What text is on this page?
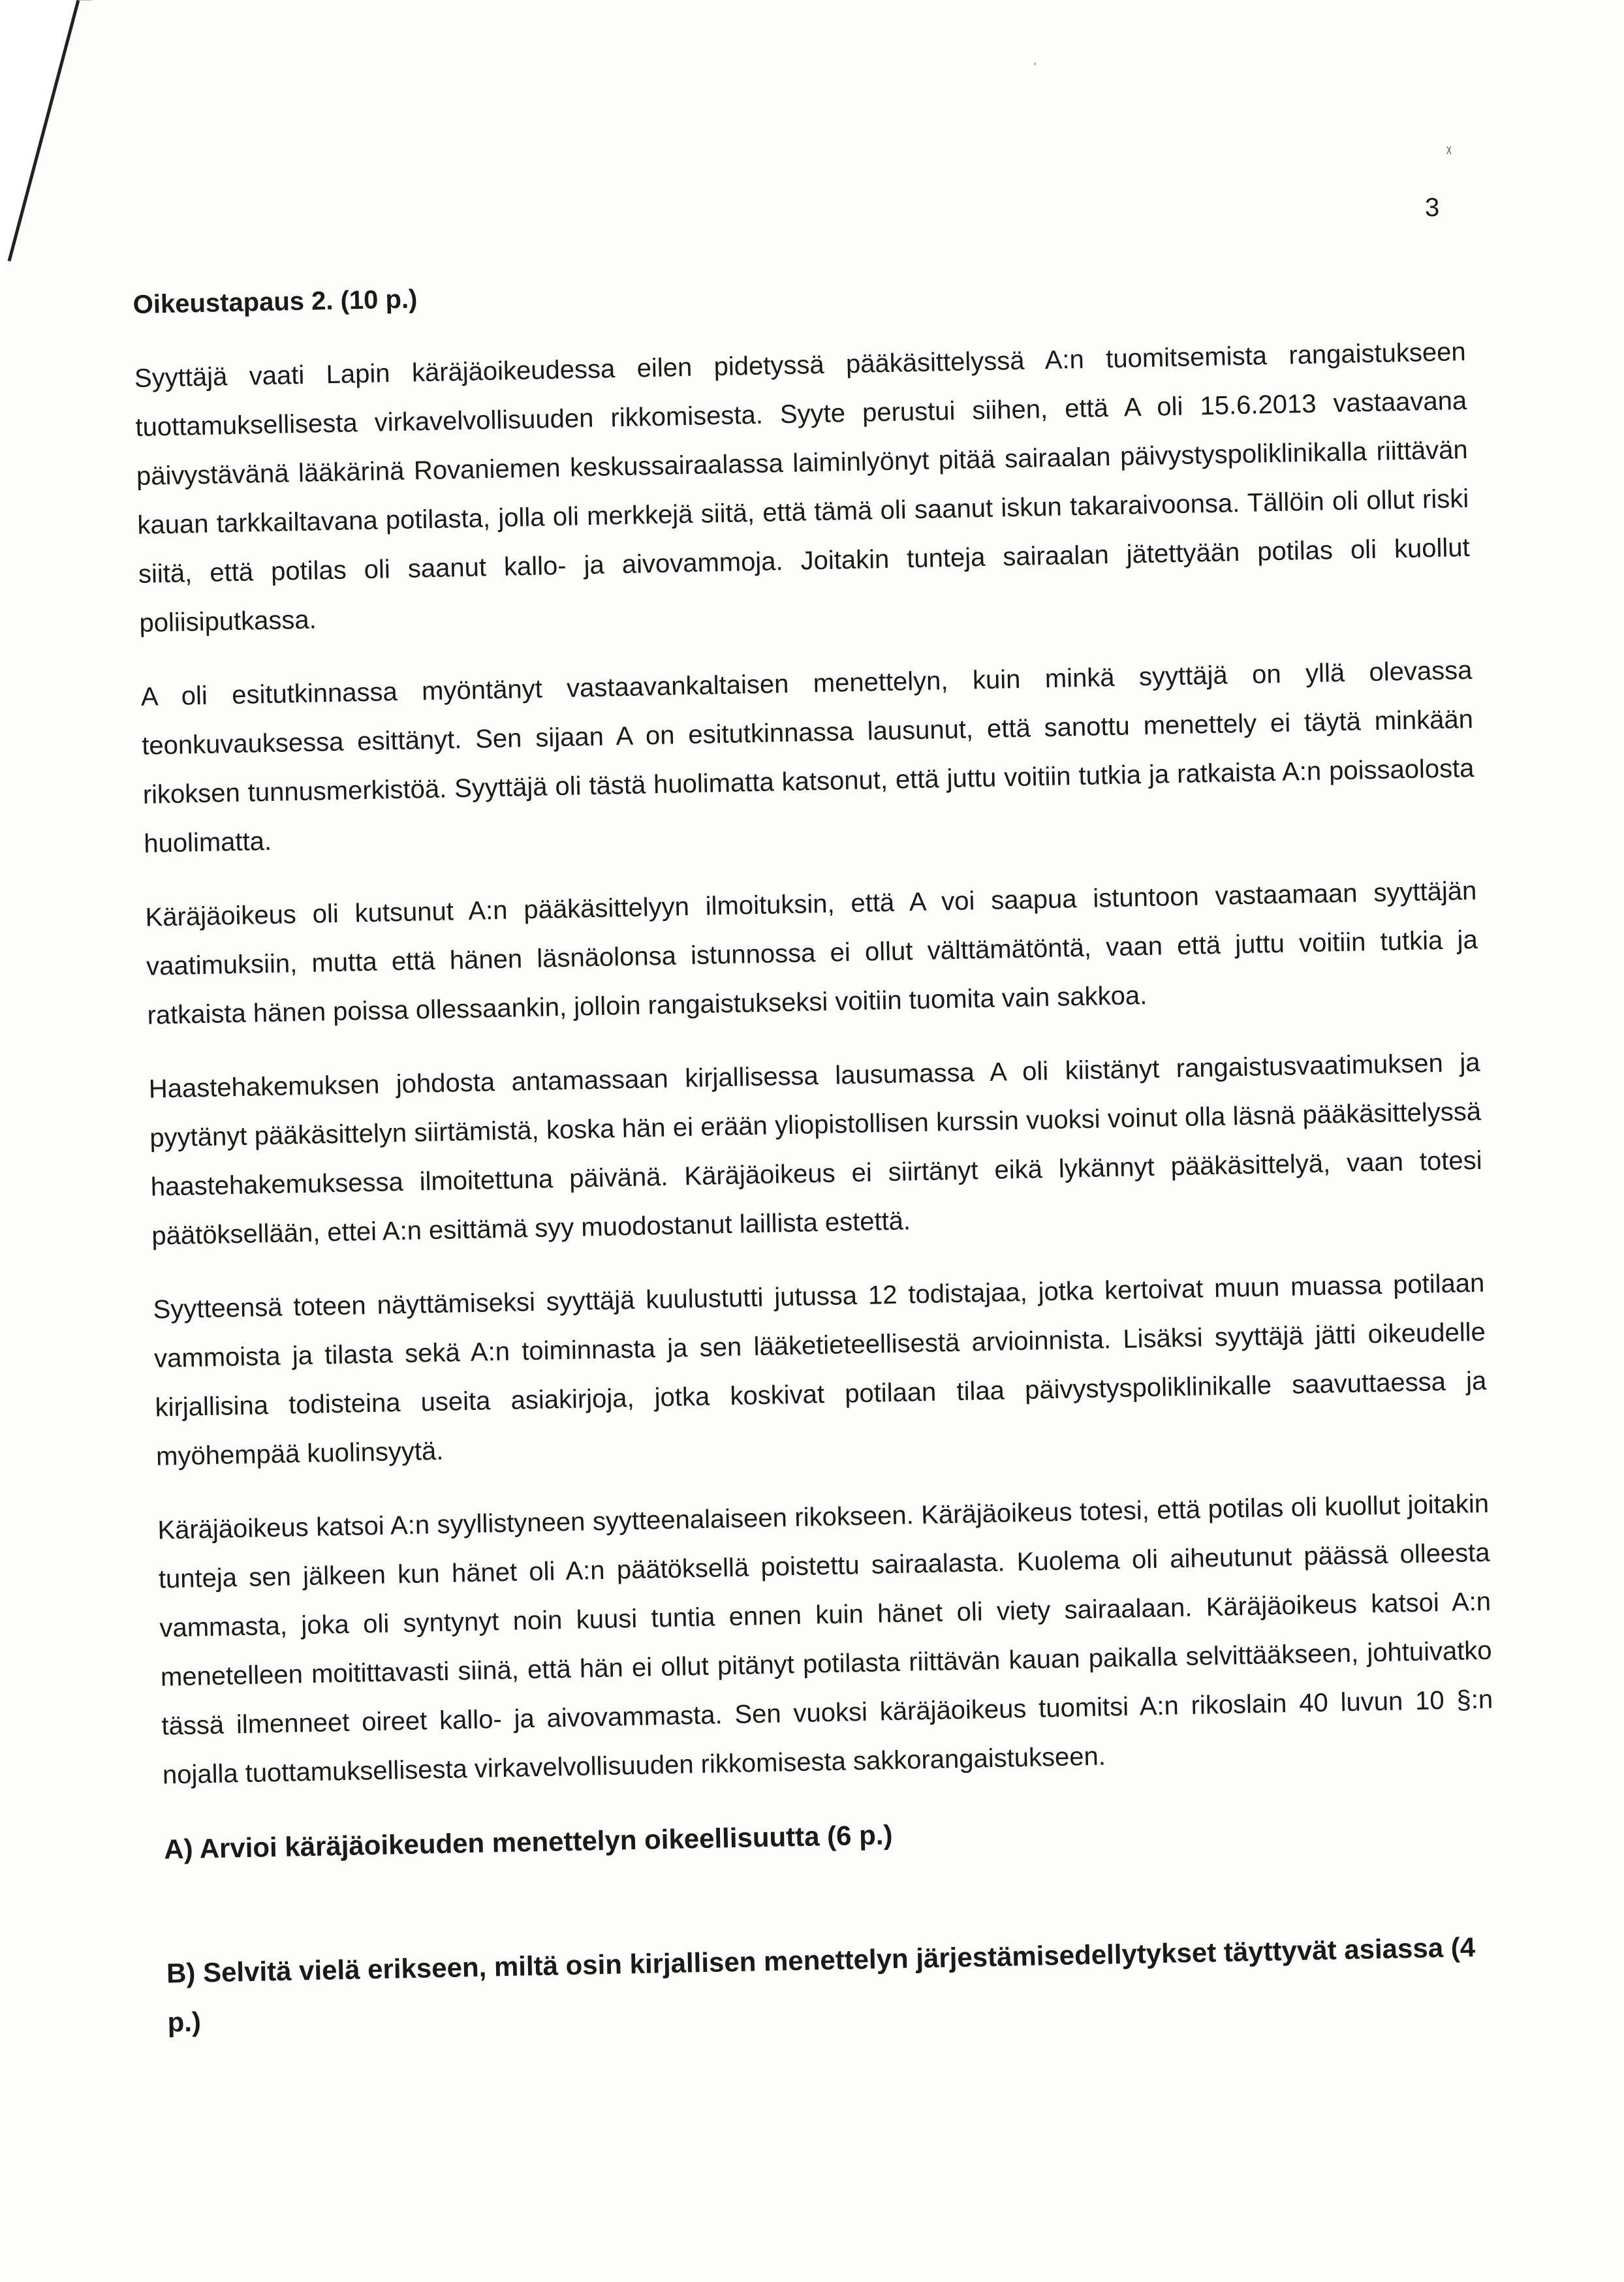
ˈ
ᵡ
3

Oikeustapaus 2. (10 p.)

Syyttäjä vaati Lapin käräjäoikeudessa eilen pidetyssä pääkäsittelyssä A:n tuomitsemista rangaistukseen tuottamuksellisesta virkavelvollisuuden rikkomisesta. Syyte perustui siihen, että A oli 15.6.2013 vastaavana päivystävänä lääkärinä Rovaniemen keskussairaalassa laiminlyönyt pitää sairaalan päivystyspoliklinikalla riittävän kauan tarkkailtavana potilasta, jolla oli merkkejä siitä, että tämä oli saanut iskun takaraivoonsa. Tällöin oli ollut riski siitä, että potilas oli saanut kallo- ja aivovammoja. Joitakin tunteja sairaalan jätettyään potilas oli kuollut poliisiputkassa.

A oli esitutkinnassa myöntänyt vastaavankaltaisen menettelyn, kuin minkä syyttäjä on yllä olevassa teonkuvauksessa esittänyt. Sen sijaan A on esitutkinnassa lausunut, että sanottu menettely ei täytä minkään rikoksen tunnusmerkistöä. Syyttäjä oli tästä huolimatta katsonut, että juttu voitiin tutkia ja ratkaista A:n poissaolosta huolimatta.

Käräjäoikeus oli kutsunut A:n pääkäsittelyyn ilmoituksin, että A voi saapua istuntoon vastaamaan syyttäjän vaatimuksiin, mutta että hänen läsnäolonsa istunnossa ei ollut välttämätöntä, vaan että juttu voitiin tutkia ja ratkaista hänen poissa ollessaankin, jolloin rangaistukseksi voitiin tuomita vain sakkoa.

Haastehakemuksen johdosta antamassaan kirjallisessa lausumassa A oli kiistänyt rangaistusvaatimuksen ja pyytänyt pääkäsittelyn siirtämistä, koska hän ei erään yliopistollisen kurssin vuoksi voinut olla läsnä pääkäsittelyssä haastehakemuksessa ilmoitettuna päivänä. Käräjäoikeus ei siirtänyt eikä lykännyt pääkäsittelyä, vaan totesi päätöksellään, ettei A:n esittämä syy muodostanut laillista estettä.

Syytteensä toteen näyttämiseksi syyttäjä kuulustutti jutussa 12 todistajaa, jotka kertoivat muun muassa potilaan vammoista ja tilasta sekä A:n toiminnasta ja sen lääketieteellisestä arvioinnista. Lisäksi syyttäjä jätti oikeudelle kirjallisina todisteina useita asiakirjoja, jotka koskivat potilaan tilaa päivystyspoliklinikalle saavuttaessa ja myöhempää kuolinsyytä.

Käräjäoikeus katsoi A:n syyllistyneen syytteenalaiseen rikokseen. Käräjäoikeus totesi, että potilas oli kuollut joitakin tunteja sen jälkeen kun hänet oli A:n päätöksellä poistettu sairaalasta. Kuolema oli aiheutunut päässä olleesta vammasta, joka oli syntynyt noin kuusi tuntia ennen kuin hänet oli viety sairaalaan. Käräjäoikeus katsoi A:n menetelleen moitittavasti siinä, että hän ei ollut pitänyt potilasta riittävän kauan paikalla selvittääkseen, johtuivatko tässä ilmenneet oireet kallo- ja aivovammasta. Sen vuoksi käräjäoikeus tuomitsi A:n rikoslain 40 luvun 10 §:n nojalla tuottamuksellisesta virkavelvollisuuden rikkomisesta sakkorangaistukseen.

A) Arvioi käräjäoikeuden menettelyn oikeellisuutta (6 p.)

B) Selvitä vielä erikseen, miltä osin kirjallisen menettelyn järjestämisedellytykset täyttyvät asiassa (4 p.)
